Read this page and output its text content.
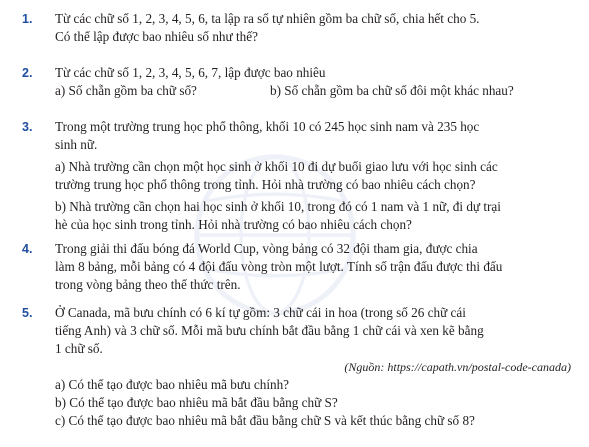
1. Từ các chữ số 1, 2, 3, 4, 5, 6, ta lập ra số tự nhiên gồm ba chữ số, chia hết cho 5.
Có thể lập được bao nhiêu số như thế?
2. Từ các chữ số 1, 2, 3, 4, 5, 6, 7, lập được bao nhiêu
a) Số chẵn gồm ba chữ số?	b) Số chẵn gồm ba chữ số đôi một khác nhau?
3. Trong một trường trung học phổ thông, khối 10 có 245 học sinh nam và 235 học
sinh nữ.
a) Nhà trường cần chọn một học sinh ở khối 10 đi dự buổi giao lưu với học sinh các
trường trung học phổ thông trong tỉnh. Hỏi nhà trường có bao nhiêu cách chọn?
b) Nhà trường cần chọn hai học sinh ở khối 10, trong đó có 1 nam và 1 nữ, đi dự trại
hè của học sinh trong tỉnh. Hỏi nhà trường có bao nhiêu cách chọn?
4. Trong giải thi đấu bóng đá World Cup, vòng bảng có 32 đội tham gia, được chia
làm 8 bảng, mỗi bảng có 4 đội đấu vòng tròn một lượt. Tính số trận đấu được thi đấu
trong vòng bảng theo thể thức trên.
5. Ở Canada, mã bưu chính có 6 kí tự gồm: 3 chữ cái in hoa (trong số 26 chữ cái
tiếng Anh) và 3 chữ số. Mỗi mã bưu chính bắt đầu bằng 1 chữ cái và xen kẽ bằng
1 chữ số.
(Nguồn: https://capath.vn/postal-code-canada)
a) Có thể tạo được bao nhiêu mã bưu chính?
b) Có thể tạo được bao nhiêu mã bắt đầu bằng chữ S?
c) Có thể tạo được bao nhiêu mã bắt đầu bằng chữ S và kết thúc bằng chữ số 8?
